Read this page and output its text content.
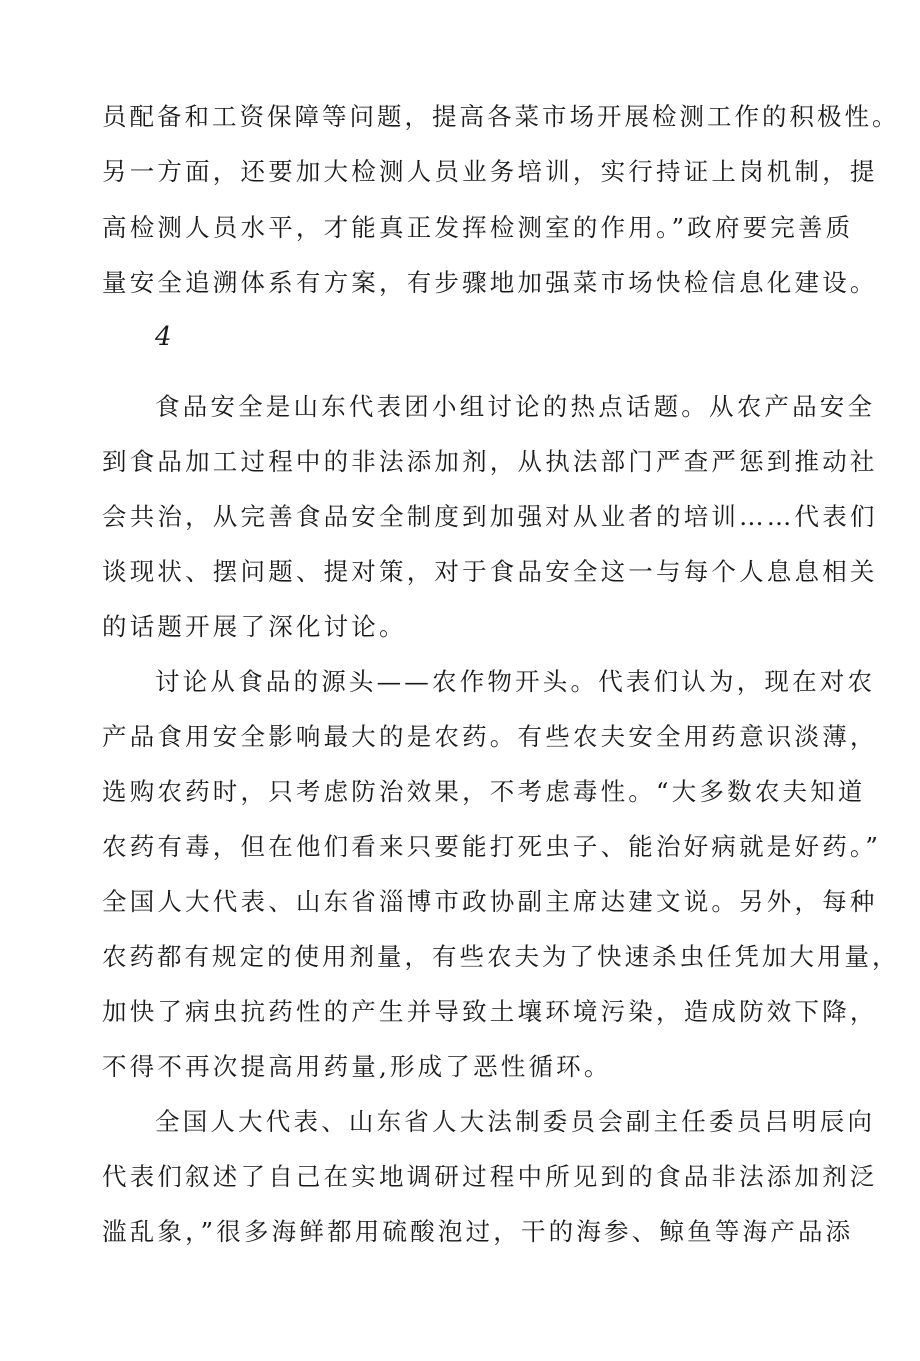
员配备和工资保障等问题，提高各菜市场开展检测工作的积极性。
另一方面，还要加大检测人员业务培训，实行持证上岗机制，提
高检测人员水平，才能真正发挥检测室的作用。”政府要完善质
量安全追溯体系有方案，有步骤地加强菜市场快检信息化建设。
4
食品安全是山东代表团小组讨论的热点话题。从农产品安全
到食品加工过程中的非法添加剂，从执法部门严查严惩到推动社
会共治，从完善食品安全制度到加强对从业者的培训……代表们
谈现状、摆问题、提对策，对于食品安全这一与每个人息息相关
的话题开展了深化讨论。
讨论从食品的源头——农作物开头。代表们认为，现在对农
产品食用安全影响最大的是农药。有些农夫安全用药意识淡薄，
选购农药时，只考虑防治效果，不考虑毒性。“大多数农夫知道
农药有毒，但在他们看来只要能打死虫子、能治好病就是好药。”
全国人大代表、山东省淄博市政协副主席达建文说。另外，每种
农药都有规定的使用剂量，有些农夫为了快速杀虫任凭加大用量，
加快了病虫抗药性的产生并导致土壤环境污染，造成防效下降，
不得不再次提高用药量,形成了恶性循环。
全国人大代表、山东省人大法制委员会副主任委员吕明辰向
代表们叙述了自己在实地调研过程中所见到的食品非法添加剂泛
滥乱象，”很多海鲜都用硫酸泡过，干的海参、鲸鱼等海产品添
